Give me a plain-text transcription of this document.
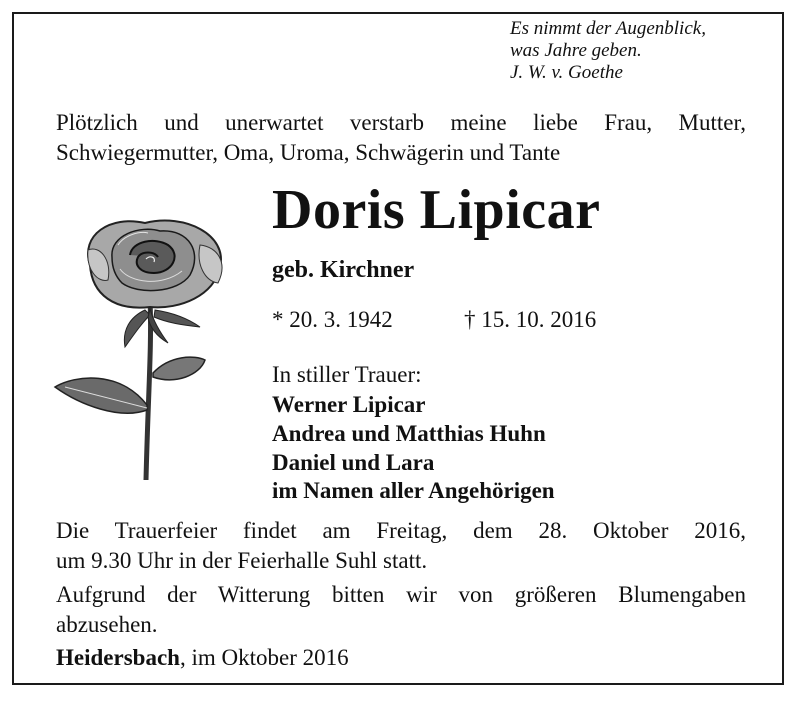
Es nimmt der Augenblick,
was Jahre geben.
J. W. v. Goethe
Plötzlich und unerwartet verstarb meine liebe Frau, Mutter,
Schwiegermutter, Oma, Uroma, Schwägerin und Tante
Doris Lipicar
geb. Kirchner
* 20. 3. 1942	† 15. 10. 2016
In stiller Trauer:
Werner Lipicar
Andrea und Matthias Huhn
Daniel und Lara
im Namen aller Angehörigen
Die Trauerfeier findet am Freitag, dem 28. Oktober 2016,
um 9.30 Uhr in der Feierhalle Suhl statt.
Aufgrund der Witterung bitten wir von größeren Blumengaben
abzusehen.
Heidersbach, im Oktober 2016
